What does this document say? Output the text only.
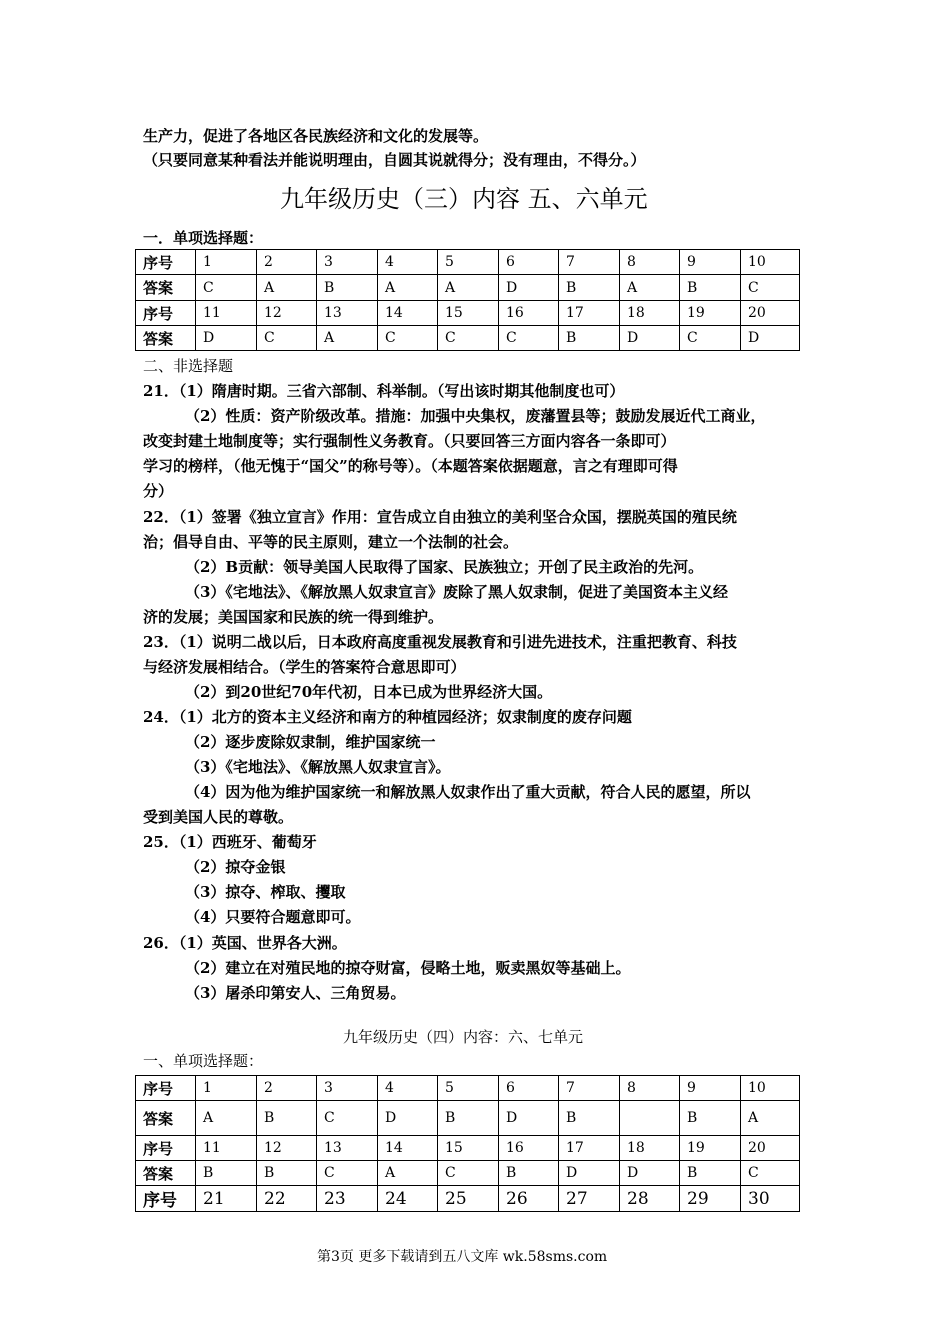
生产力，促进了各地区各民族经济和文化的发展等。
（只要同意某种看法并能说明理由，自圆其说就得分；没有理由，不得分。）
九年级历史（三）内容 五、六单元
一．单项选择题：
序号	1	2	3	4	5	6	7	8	9	10
答案	C	A	B	A	A	D	B	A	B	C
序号	11	12	13	14	15	16	17	18	19	20
答案	D	C	A	C	C	C	B	D	C	D
二、非选择题
21．（1）隋唐时期。三省六部制、科举制。（写出该时期其他制度也可）
（2）性质：资产阶级改革。措施：加强中央集权，废藩置县等；鼓励发展近代工商业，
改变封建土地制度等；实行强制性义务教育。（只要回答三方面内容各一条即可）
学习的榜样，（他无愧于“国父”的称号等）。（本题答案依据题意，言之有理即可得
分）
22．（1）签署《独立宣言》作用：宣告成立自由独立的美利坚合众国，摆脱英国的殖民统
治；倡导自由、平等的民主原则，建立一个法制的社会。
（2）B贡献：领导美国人民取得了国家、民族独立；开创了民主政治的先河。
（3）《宅地法》、《解放黑人奴隶宣言》废除了黑人奴隶制，促进了美国资本主义经
济的发展；美国国家和民族的统一得到维护。
23．（1）说明二战以后，日本政府高度重视发展教育和引进先进技术，注重把教育、科技
与经济发展相结合。（学生的答案符合意思即可）
（2）到20世纪70年代初，日本已成为世界经济大国。
24．（1）北方的资本主义经济和南方的种植园经济；奴隶制度的废存问题
（2）逐步废除奴隶制，维护国家统一
（3）《宅地法》、《解放黑人奴隶宣言》。
（4）因为他为维护国家统一和解放黑人奴隶作出了重大贡献，符合人民的愿望，所以
受到美国人民的尊敬。
25．（1）西班牙、葡萄牙
（2）掠夺金银
（3）掠夺、榨取、攫取
（4）只要符合题意即可。
26．（1）英国、世界各大洲。
（2）建立在对殖民地的掠夺财富，侵略土地，贩卖黑奴等基础上。
（3）屠杀印第安人、三角贸易。
九年级历史（四）内容：六、七单元
一、单项选择题：
序号	1	2	3	4	5	6	7	8	9	10
答案	A	B	C	D	B	D	B		B	A
序号	11	12	13	14	15	16	17	18	19	20
答案	B	B	C	A	C	B	D	D	B	C
序号	21	22	23	24	25	26	27	28	29	30
第3页 更多下载请到五八文库 wk.58sms.com
